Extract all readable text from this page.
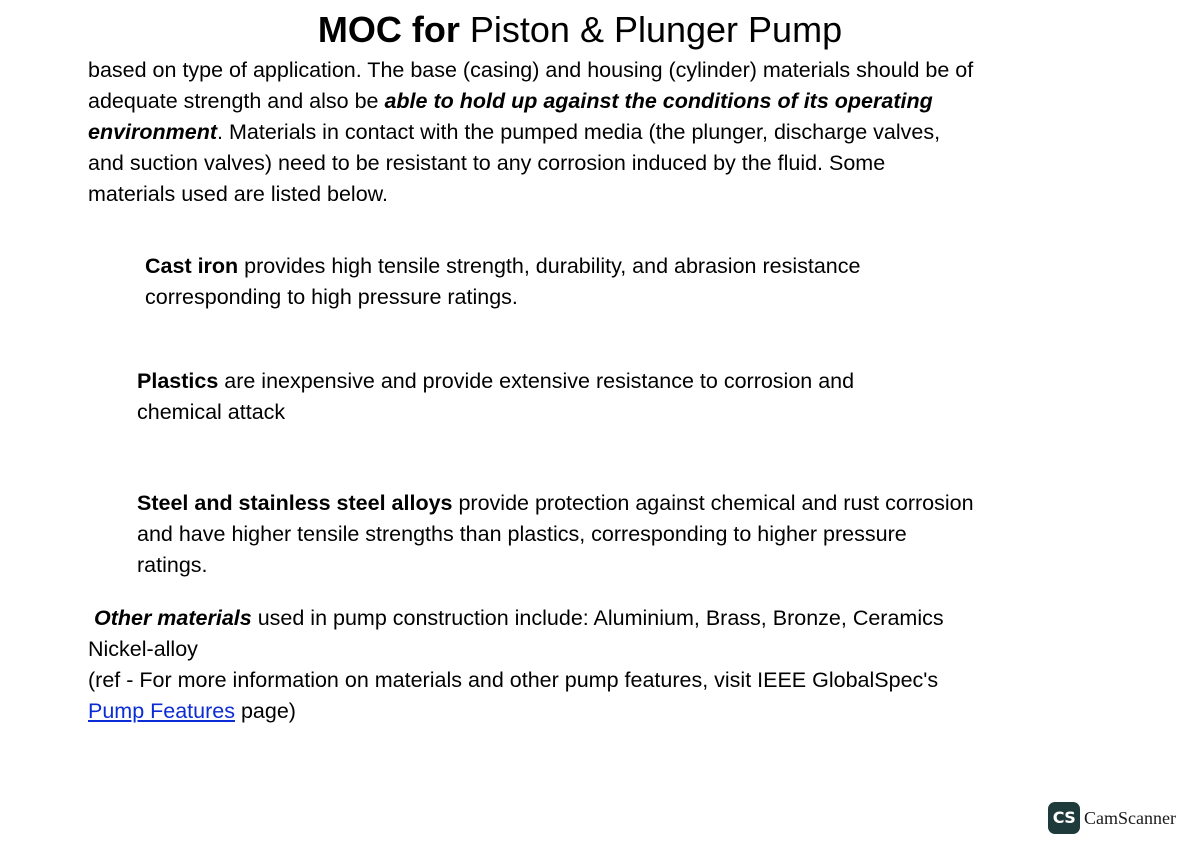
MOC for Piston & Plunger Pump
based on type of application. The base (casing) and housing (cylinder) materials should be of
adequate strength and also be able to hold up against the conditions of its operating
environment. Materials in contact with the pumped media (the plunger, discharge valves,
and suction valves) need to be resistant to any corrosion induced by the fluid. Some
materials used are listed below.
Cast iron provides high tensile strength, durability, and abrasion resistance
corresponding to high pressure ratings.
Plastics are inexpensive and provide extensive resistance to corrosion and
chemical attack
Steel and stainless steel alloys provide protection against chemical and rust corrosion
and have higher tensile strengths than plastics, corresponding to higher pressure
ratings.
Other materials used in pump construction include: Aluminium, Brass, Bronze, Ceramics
Nickel-alloy
(ref - For more information on materials and other pump features, visit IEEE GlobalSpec's
Pump Features page)
CS CamScanner
